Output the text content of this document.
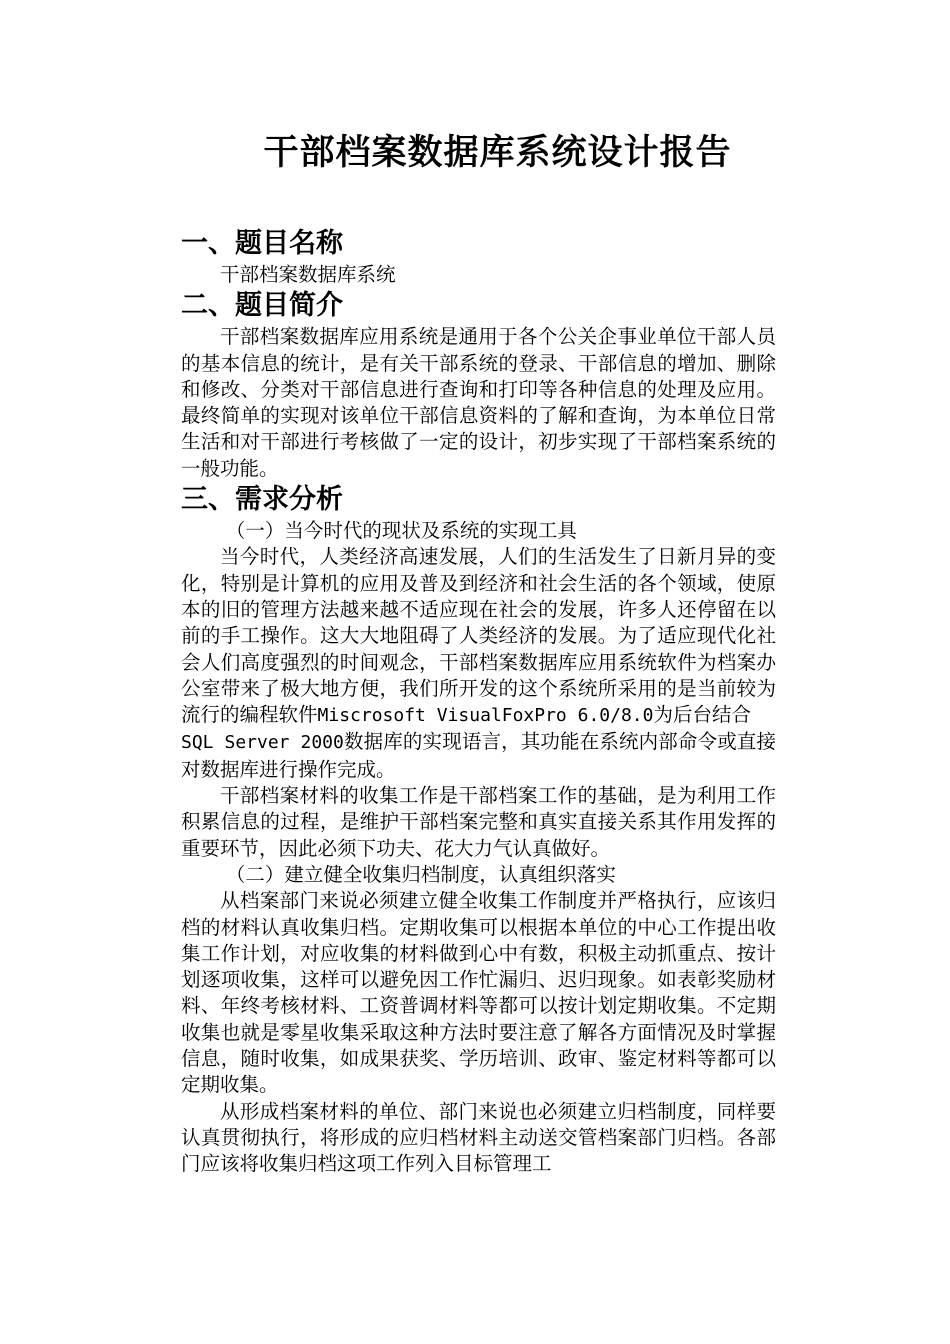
干部档案数据库系统设计报告
一、题目名称

干部档案数据库系统

二、题目简介

干部档案数据库应用系统是通用于各个公关企事业单位干部人员的基本信息的统计，是有关干部系统的登录、干部信息的增加、删除和修改、分类对干部信息进行查询和打印等各种信息的处理及应用。最终简单的实现对该单位干部信息资料的了解和查询，为本单位日常生活和对干部进行考核做了一定的设计，初步实现了干部档案系统的一般功能。

三、需求分析

（一）当今时代的现状及系统的实现工具

当今时代，人类经济高速发展，人们的生活发生了日新月异的变化，特别是计算机的应用及普及到经济和社会生活的各个领域，使原本的旧的管理方法越来越不适应现在社会的发展，许多人还停留在以前的手工操作。这大大地阻碍了人类经济的发展。为了适应现代化社会人们高度强烈的时间观念，干部档案数据库应用系统软件为档案办公室带来了极大地方便，我们所开发的这个系统所采用的是当前较为流行的编程软件Miscrosoft VisualFoxPro 6.0/8.0为后台结合
SQL Server 2000数据库的实现语言，其功能在系统内部命令或直接对数据库进行操作完成。

干部档案材料的收集工作是干部档案工作的基础，是为利用工作积累信息的过程，是维护干部档案完整和真实直接关系其作用发挥的重要环节，因此必须下功夫、花大力气认真做好。

（二）建立健全收集归档制度，认真组织落实

从档案部门来说必须建立健全收集工作制度并严格执行，应该归档的材料认真收集归档。定期收集可以根据本单位的中心工作提出收集工作计划，对应收集的材料做到心中有数，积极主动抓重点、按计划逐项收集，这样可以避免因工作忙漏归、迟归现象。如表彰奖励材料、年终考核材料、工资普调材料等都可以按计划定期收集。不定期收集也就是零星收集采取这种方法时要注意了解各方面情况及时掌握信息，随时收集，如成果获奖、学历培训、政审、鉴定材料等都可以定期收集。

从形成档案材料的单位、部门来说也必须建立归档制度，同样要认真贯彻执行，将形成的应归档材料主动送交管档案部门归档。各部门应该将收集归档这项工作列入目标管理工
